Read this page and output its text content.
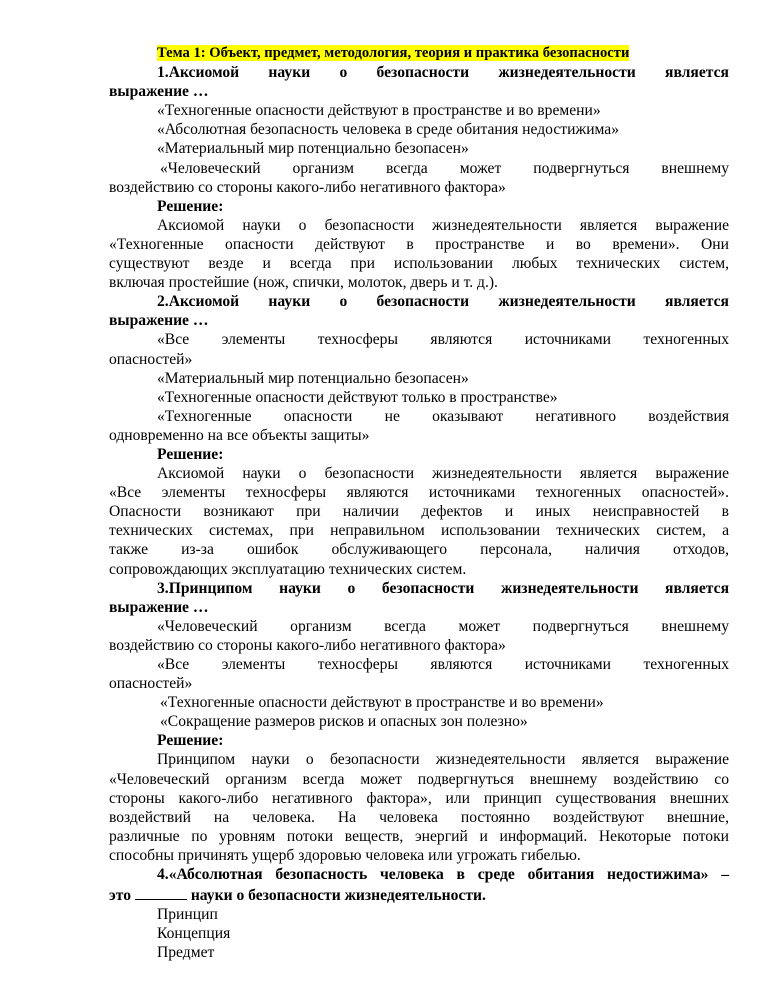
Тема 1: Объект, предмет, методология, теория и практика безопасности
1.Аксиомой науки о безопасности жизнедеятельности является
выражение …
«Техногенные опасности действуют в пространстве и во времени»
«Абсолютная безопасность человека в среде обитания недостижима»
«Материальный мир потенциально безопасен»
«Человеческий организм всегда может подвергнуться внешнему
воздействию со стороны какого-либо негативного фактора»
Решение:
Аксиомой науки о безопасности жизнедеятельности является выражение
«Техногенные опасности действуют в пространстве и во времени». Они
существуют везде и всегда при использовании любых технических систем,
включая простейшие (нож, спички, молоток, дверь и т. д.).
2.Аксиомой науки о безопасности жизнедеятельности является
выражение …
«Все элементы техносферы являются источниками техногенных
опасностей»
«Материальный мир потенциально безопасен»
«Техногенные опасности действуют только в пространстве»
«Техногенные опасности не оказывают негативного воздействия
одновременно на все объекты защиты»
Решение:
Аксиомой науки о безопасности жизнедеятельности является выражение
«Все элементы техносферы являются источниками техногенных опасностей».
Опасности возникают при наличии дефектов и иных неисправностей в
технических системах, при неправильном использовании технических систем, а
также из-за ошибок обслуживающего персонала, наличия отходов,
сопровождающих эксплуатацию технических систем.
3.Принципом науки о безопасности жизнедеятельности является
выражение …
«Человеческий организм всегда может подвергнуться внешнему
воздействию со стороны какого-либо негативного фактора»
«Все элементы техносферы являются источниками техногенных
опасностей»
«Техногенные опасности действуют в пространстве и во времени»
«Сокращение размеров рисков и опасных зон полезно»
Решение:
Принципом науки о безопасности жизнедеятельности является выражение
«Человеческий организм всегда может подвергнуться внешнему воздействию со
стороны какого-либо негативного фактора», или принцип существования внешних
воздействий на человека. На человека постоянно воздействуют внешние,
различные по уровням потоки веществ, энергий и информаций. Некоторые потоки
способны причинять ущерб здоровью человека или угрожать гибелью.
4.«Абсолютная безопасность человека в среде обитания недостижима» –
это	науки о безопасности жизнедеятельности.
Принцип
Концепция
Предмет
